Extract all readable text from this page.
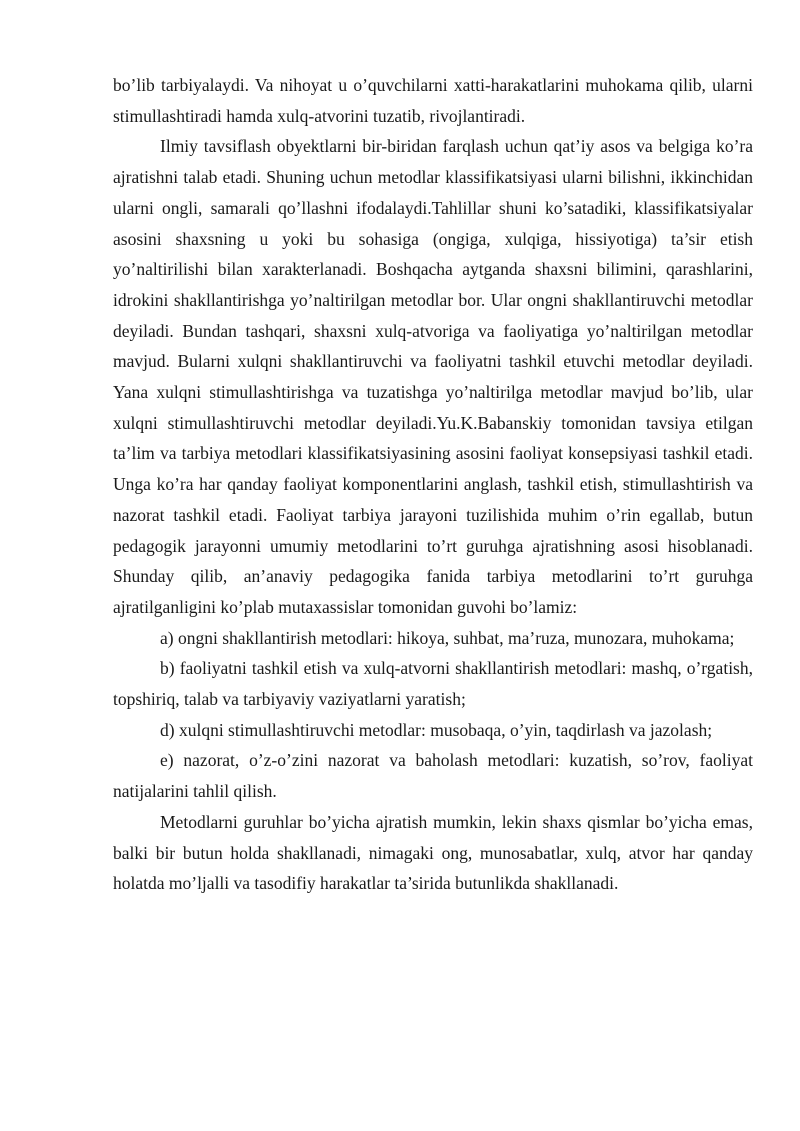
bo’lib tarbiyalaydi. Va nihoyat u o’quvchilarni xatti-harakatlarini muhokama qilib, ularni stimullashtiradi hamda xulq-atvorini tuzatib, rivojlantiradi.

Ilmiy tavsiflash obyektlarni bir-biridan farqlash uchun qat’iy asos va belgiga ko’ra ajratishni talab etadi. Shuning uchun metodlar klassifikatsiyasi ularni bilishni, ikkinchidan ularni ongli, samarali qo’llashni ifodalaydi.Tahlillar shuni ko’satadiki, klassifikatsiyalar asosini shaxsning u yoki bu sohasiga (ongiga, xulqiga, hissiyotiga) ta’sir etish yo’naltirilishi bilan xarakterlanadi. Boshqacha aytganda shaxsni bilimini, qarashlarini, idrokini shakllantirishga yo’naltirilgan metodlar bor. Ular ongni shakllantiruvchi metodlar deyiladi. Bundan tashqari, shaxsni xulq-atvoriga va faoliyatiga yo’naltirilgan metodlar mavjud. Bularni xulqni shakllantiruvchi va faoliyatni tashkil etuvchi metodlar deyiladi. Yana xulqni stimullashtirishga va tuzatishga yo’naltirilga metodlar mavjud bo’lib, ular xulqni stimullashtiruvchi metodlar deyiladi.Yu.K.Babanskiy tomonidan tavsiya etilgan ta’lim va tarbiya metodlari klassifikatsiyasining asosini faoliyat konsepsiyasi tashkil etadi. Unga ko’ra har qanday faoliyat komponentlarini anglash, tashkil etish, stimullashtirish va nazorat tashkil etadi. Faoliyat tarbiya jarayoni tuzilishida muhim o’rin egallab, butun pedagogik jarayonni umumiy metodlarini to’rt guruhga ajratishning asosi hisoblanadi. Shunday qilib, an’anaviy pedagogika fanida tarbiya metodlarini to’rt guruhga ajratilganligini ko’plab mutaxassislar tomonidan guvohi bo’lamiz:

a) ongni shakllantirish metodlari: hikoya, suhbat, ma’ruza, munozara, muhokama;

b) faoliyatni tashkil etish va xulq-atvorni shakllantirish metodlari: mashq, o’rgatish, topshiriq, talab va tarbiyaviy vaziyatlarni yaratish;

d) xulqni stimullashtiruvchi metodlar: musobaqa, o’yin, taqdirlash va jazolash;

e) nazorat, o’z-o’zini nazorat va baholash metodlari: kuzatish, so’rov, faoliyat natijalarini tahlil qilish.

Metodlarni guruhlar bo’yicha ajratish mumkin, lekin shaxs qismlar bo’yicha emas, balki bir butun holda shakllanadi, nimagaki ong, munosabatlar, xulq, atvor har qanday holatda mo’ljalli va tasodifiy harakatlar ta’sirida butunlikda shakllanadi.
